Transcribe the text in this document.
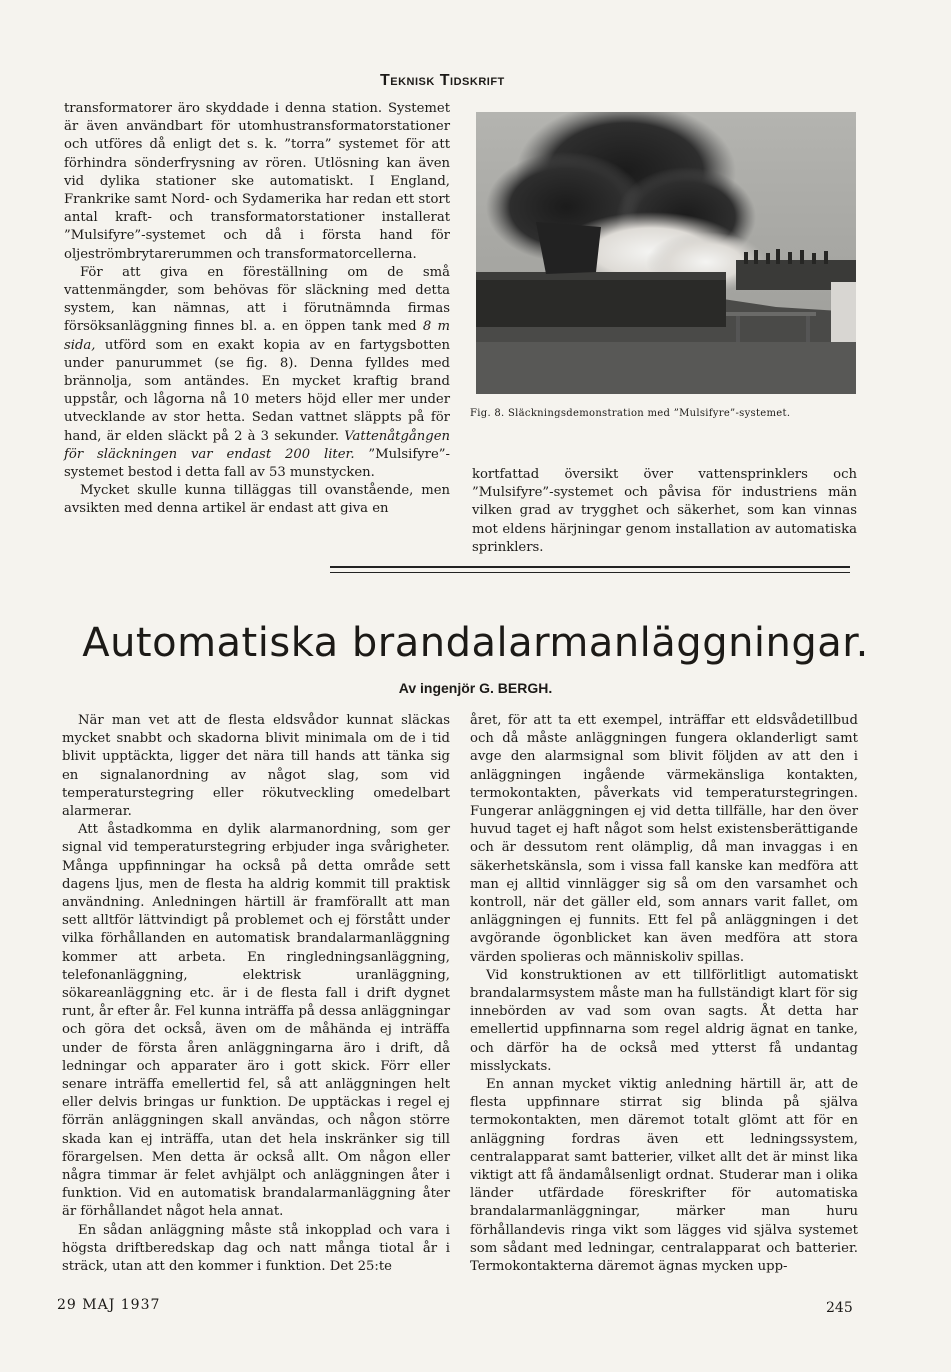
Teknisk Tidskrift

transformatorer äro skyddade i denna station. Systemet är även användbart för utomhustransformatorstationer och utföres då enligt det s. k. ”torra” systemet för att förhindra sönderfrysning av rören. Utlösning kan även vid dylika stationer ske automatiskt. I England, Frankrike samt Nord- och Sydamerika har redan ett stort antal kraft- och transformatorstationer installerat ”Mulsifyre”-systemet och då i första hand för oljeströmbrytarerummen och transformatorcellerna.

För att giva en föreställning om de små vattenmängder, som behövas för släckning med detta system, kan nämnas, att i förutnämnda firmas försöksanläggning finnes bl. a. en öppen tank med 8 m sida, utförd som en exakt kopia av en fartygsbotten under panurummet (se fig. 8). Denna fylldes med brännolja, som antändes. En mycket kraftig brand uppstår, och lågorna nå 10 meters höjd eller mer under utvecklande av stor hetta. Sedan vattnet släppts på för hand, är elden släckt på 2 à 3 sekunder. Vattenåtgången för släckningen var endast 200 liter. ”Mulsifyre”-systemet bestod i detta fall av 53 munstycken.

Mycket skulle kunna tilläggas till ovanstående, men avsikten med denna artikel är endast att giva en

Fig. 8. Släckningsdemonstration med ”Mulsifyre”-systemet.

kortfattad översikt över vattensprinklers och ”Mulsifyre”-systemet och påvisa för industriens män vilken grad av trygghet och säkerhet, som kan vinnas mot eldens härjningar genom installation av automatiska sprinklers.

Automatiska brandalarmanläggningar.
Av ingenjör G. BERGH.

När man vet att de flesta eldsvådor kunnat släckas mycket snabbt och skadorna blivit minimala om de i tid blivit upptäckta, ligger det nära till hands att tänka sig en signalanordning av något slag, som vid temperaturstegring eller rökutveckling omedelbart alarmerar.

Att åstadkomma en dylik alarmanordning, som ger signal vid temperaturstegring erbjuder inga svårigheter. Många uppfinningar ha också på detta område sett dagens ljus, men de flesta ha aldrig kommit till praktisk användning. Anledningen härtill är framförallt att man sett alltför lättvindigt på problemet och ej förstått under vilka förhållanden en automatisk brandalarmanläggning kommer att arbeta. En ringledningsanläggning, telefonanläggning, elektrisk uranläggning, sökareanläggning etc. är i de flesta fall i drift dygnet runt, år efter år. Fel kunna inträffa på dessa anläggningar och göra det också, även om de måhända ej inträffa under de första åren anläggningarna äro i drift, då ledningar och apparater äro i gott skick. Förr eller senare inträffa emellertid fel, så att anläggningen helt eller delvis bringas ur funktion. De upptäckas i regel ej förrän anläggningen skall användas, och någon större skada kan ej inträffa, utan det hela inskränker sig till förargelsen. Men detta är också allt. Om någon eller några timmar är felet avhjälpt och anläggningen åter i funktion. Vid en automatisk brandalarmanläggning åter är förhållandet något hela annat.

En sådan anläggning måste stå inkopplad och vara i högsta driftberedskap dag och natt många tiotal år i sträck, utan att den kommer i funktion. Det 25:te

året, för att ta ett exempel, inträffar ett eldsvådetillbud och då måste anläggningen fungera oklanderligt samt avge den alarmsignal som blivit följden av att den i anläggningen ingående värmekänsliga kontakten, termokontakten, påverkats vid temperaturstegringen. Fungerar anläggningen ej vid detta tillfälle, har den över huvud taget ej haft något som helst existensberättigande och är dessutom rent olämplig, då man invaggas i en säkerhetskänsla, som i vissa fall kanske kan medföra att man ej alltid vinnlägger sig så om den varsamhet och kontroll, när det gäller eld, som annars varit fallet, om anläggningen ej funnits. Ett fel på anläggningen i det avgörande ögonblicket kan även medföra att stora värden spolieras och människoliv spillas.

Vid konstruktionen av ett tillförlitligt automatiskt brandalarmsystem måste man ha fullständigt klart för sig innebörden av vad som ovan sagts. Åt detta har emellertid uppfinnarna som regel aldrig ägnat en tanke, och därför ha de också med ytterst få undantag misslyckats.

En annan mycket viktig anledning härtill är, att de flesta uppfinnare stirrat sig blinda på själva termokontakten, men däremot totalt glömt att för en anläggning fordras även ett ledningssystem, centralapparat samt batterier, vilket allt det är minst lika viktigt att få ändamålsenligt ordnat. Studerar man i olika länder utfärdade föreskrifter för automatiska brandalarmanläggningar, märker man huru förhållandevis ringa vikt som lägges vid själva systemet som sådant med ledningar, centralapparat och batterier. Termokontakterna däremot ägnas mycken upp-

29 MAJ 1937	245
